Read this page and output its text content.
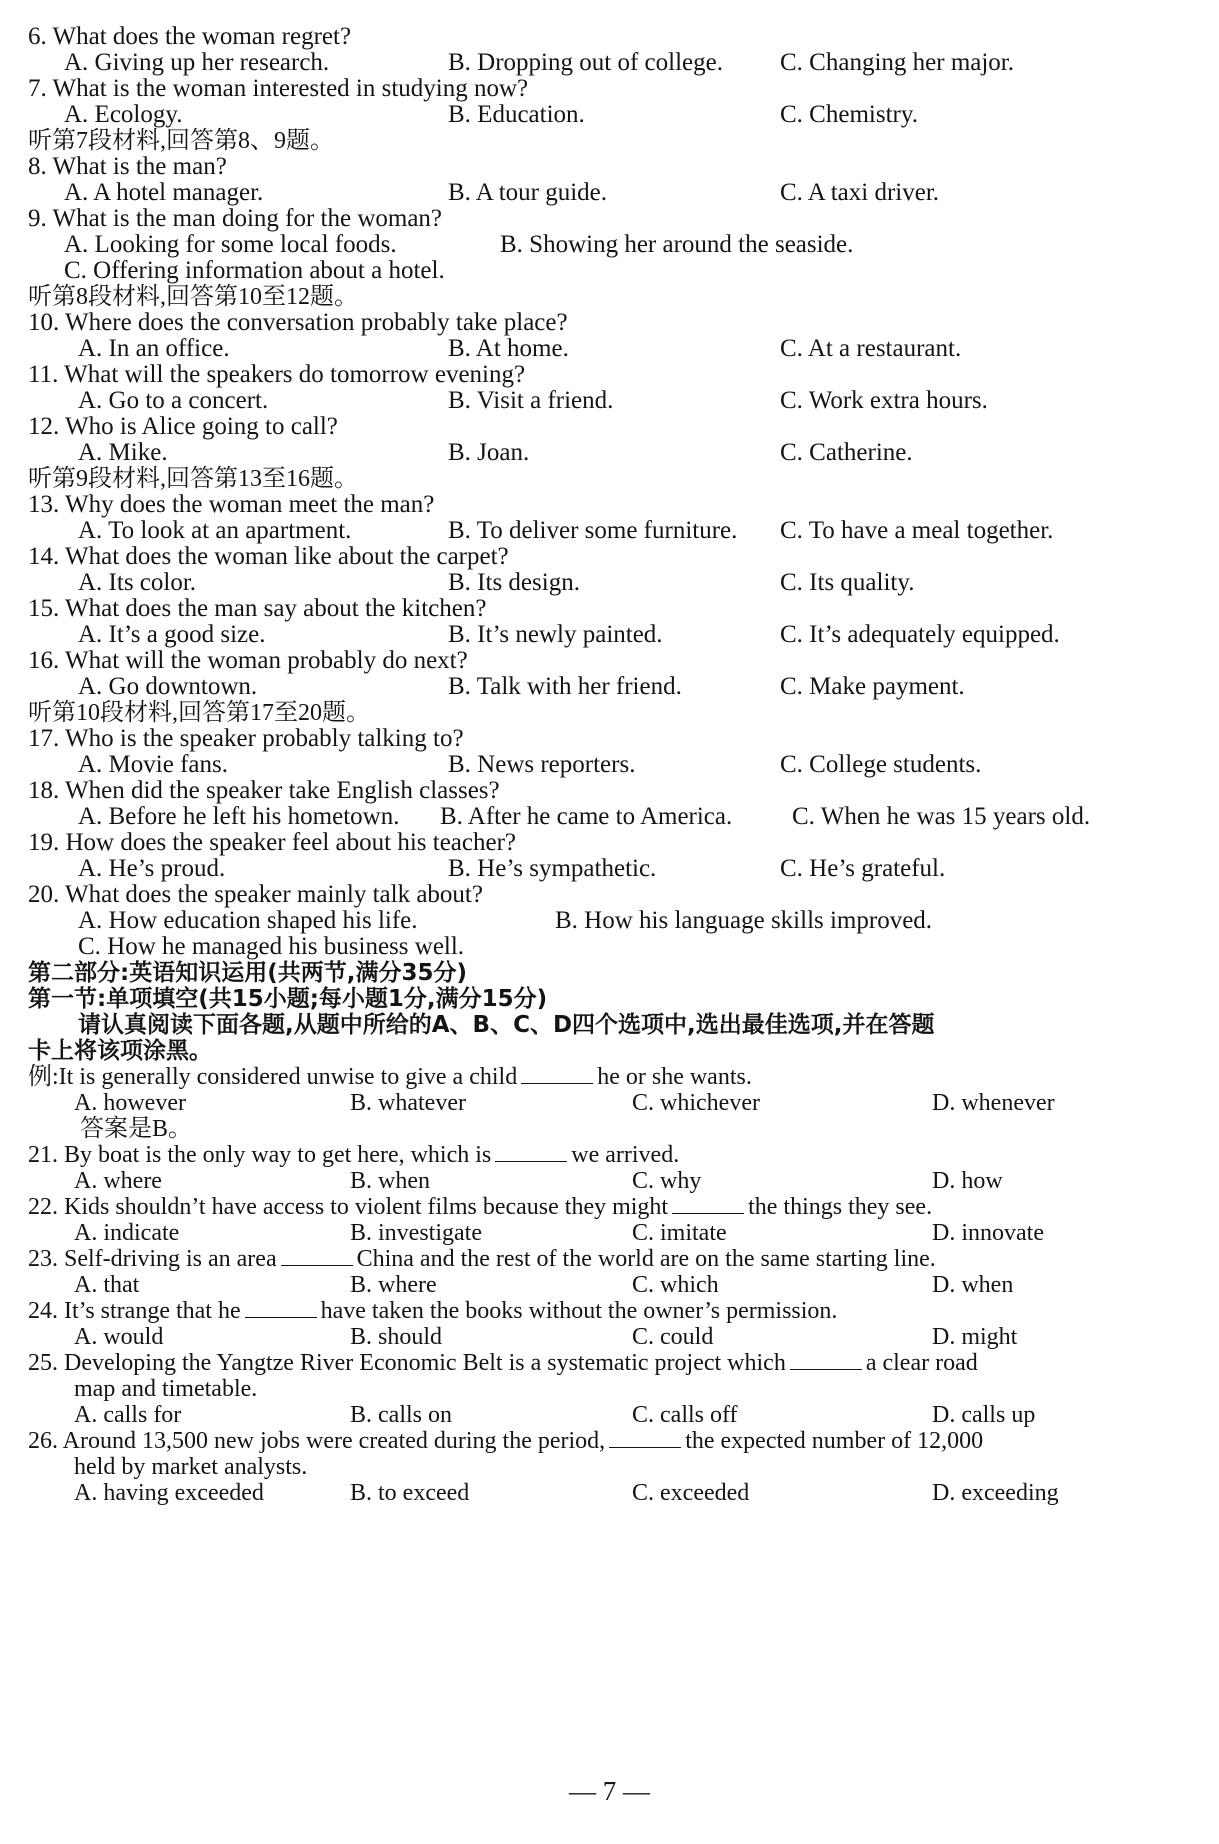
6. What does the woman regret?
A. Giving up her research.	B. Dropping out of college. C. Changing her major.
7. What is the woman interested in studying now?
A. Ecology.	B. Education.	C. Chemistry.
听第7段材料,回答第8、9题。
8. What is the man?
A. A hotel manager.	B. A tour guide.	C. A taxi driver.
9. What is the man doing for the woman?
A. Looking for some local foods.	B. Showing her around the seaside.
C. Offering information about a hotel.
听第8段材料,回答第10至12题。
10. Where does the conversation probably take place?
A. In an office.	B. At home.	C. At a restaurant.
11. What will the speakers do tomorrow evening?
A. Go to a concert.	B. Visit a friend.	C. Work extra hours.
12. Who is Alice going to call?
A. Mike.	B. Joan.	C. Catherine.
听第9段材料,回答第13至16题。
13. Why does the woman meet the man?
A. To look at an apartment.	B. To deliver some furniture. C. To have a meal together.
14. What does the woman like about the carpet?
A. Its color.	B. Its design.	C. Its quality.
15. What does the man say about the kitchen?
A. It’s a good size.	B. It’s newly painted.	C. It’s adequately equipped.
16. What will the woman probably do next?
A. Go downtown.	B. Talk with her friend.	C. Make payment.
听第10段材料,回答第17至20题。
17. Who is the speaker probably talking to?
A. Movie fans.	B. News reporters.	C. College students.
18. When did the speaker take English classes?
A. Before he left his hometown. B. After he came to America. C. When he was 15 years old.
19. How does the speaker feel about his teacher?
A. He’s proud.	B. He’s sympathetic.	C. He’s grateful.
20. What does the speaker mainly talk about?
A. How education shaped his life.	B. How his language skills improved.
C. How he managed his business well.
第二部分:英语知识运用(共两节,满分35分)
第一节:单项填空(共15小题;每小题1分,满分15分)
请认真阅读下面各题,从题中所给的A、B、C、D四个选项中,选出最佳选项,并在答题
卡上将该项涂黑。
例:It is generally considered unwise to give a child	he or she wants.
A. however	B. whatever	C. whichever	D. whenever
答案是B。
21. By boat is the only way to get here, which is	we arrived.
A. where	B. when	C. why	D. how
22. Kids shouldn’t have access to violent films because they might	the things they see.
A. indicate	B. investigate	C. imitate	D. innovate
23. Self-driving is an area	China and the rest of the world are on the same starting line.
A. that	B. where	C. which	D. when
24. It’s strange that he	have taken the books without the owner’s permission.
A. would	B. should	C. could	D. might
25. Developing the Yangtze River Economic Belt is a systematic project which	a clear road
map and timetable.
A. calls for	B. calls on	C. calls off	D. calls up
26. Around 13,500 new jobs were created during the period,	the expected number of 12,000
held by market analysts.
A. having exceeded	B. to exceed	C. exceeded	D. exceeding
— 7 —
